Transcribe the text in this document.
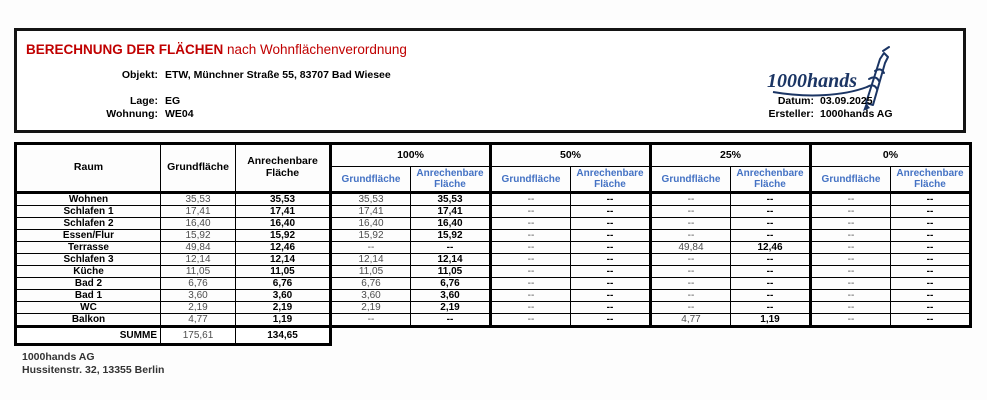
BERECHNUNG DER FLÄCHEN nach Wohnflächenverordnung
Objekt: ETW, Münchner Straße 55, 83707 Bad Wiesee
Lage: EG
Wohnung: WE04
1000hands
Datum: 03.09.2025
Ersteller: 1000hands AG
Raum	Grundfläche	Anrechenbare Fläche	100%		50%		25%		0%	
			Grundfläche	Anrechenbare Fläche	Grundfläche	Anrechenbare Fläche	Grundfläche	Anrechenbare Fläche	Grundfläche	Anrechenbare Fläche
Wohnen	35,53	35,53	35,53	35,53	--	--	--	--	--	--
Schlafen 1	17,41	17,41	17,41	17,41	--	--	--	--	--	--
Schlafen 2	16,40	16,40	16,40	16,40	--	--	--	--	--	--
Essen/Flur	15,92	15,92	15,92	15,92	--	--	--	--	--	--
Terrasse	49,84	12,46	--	--	--	--	49,84	12,46	--	--
Schlafen 3	12,14	12,14	12,14	12,14	--	--	--	--	--	--
Küche	11,05	11,05	11,05	11,05	--	--	--	--	--	--
Bad 2	6,76	6,76	6,76	6,76	--	--	--	--	--	--
Bad 1	3,60	3,60	3,60	3,60	--	--	--	--	--	--
WC	2,19	2,19	2,19	2,19	--	--	--	--	--	--
Balkon	4,77	1,19	--	--	--	--	4,77	1,19	--	--
SUMME	175,61	134,65
1000hands AG
Hussitenstr. 32, 13355 Berlin
